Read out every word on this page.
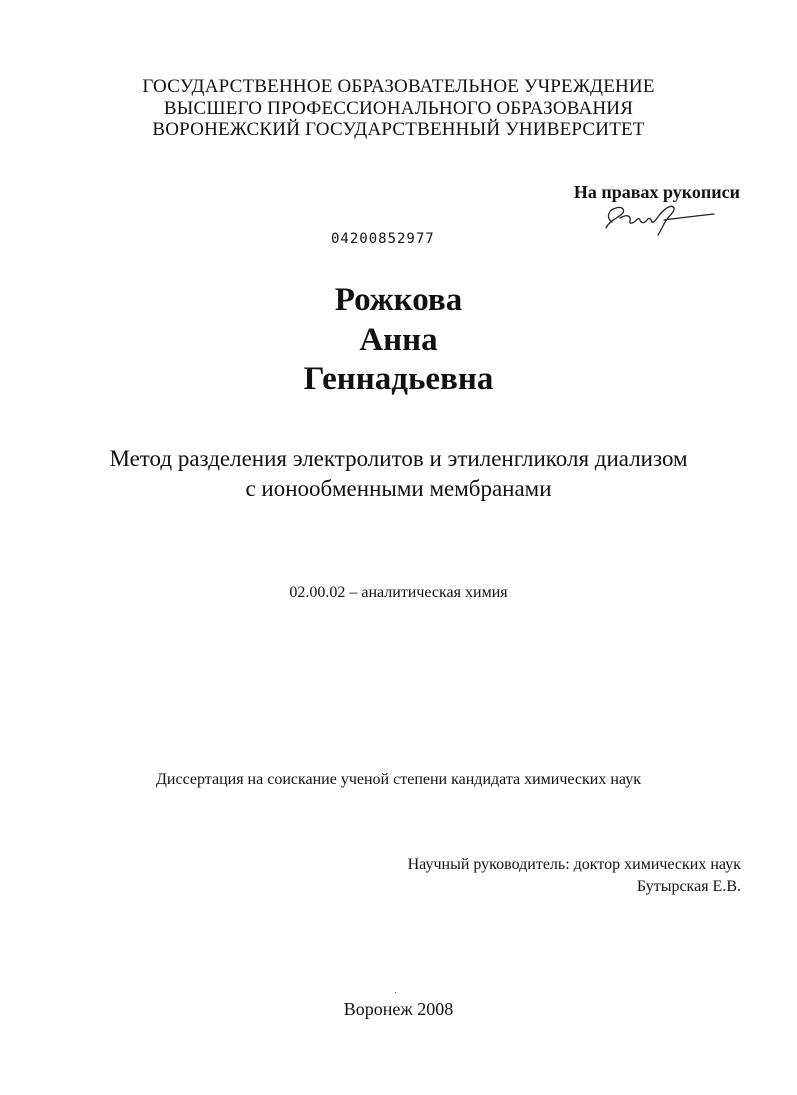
ГОСУДАРСТВЕННОЕ ОБРАЗОВАТЕЛЬНОЕ УЧРЕЖДЕНИЕ
ВЫСШЕГО ПРОФЕССИОНАЛЬНОГО ОБРАЗОВАНИЯ
ВОРОНЕЖСКИЙ ГОСУДАРСТВЕННЫЙ УНИВЕРСИТЕТ
На правах рукописи
04200852977
Рожкова
Анна
Геннадьевна
Метод разделения электролитов и этиленгликоля диализом
с ионообменными мембранами
02.00.02 – аналитическая химия
Диссертация на соискание ученой степени кандидата химических наук
Научный руководитель: доктор химических наук
Бутырская Е.В.
Воронеж 2008
